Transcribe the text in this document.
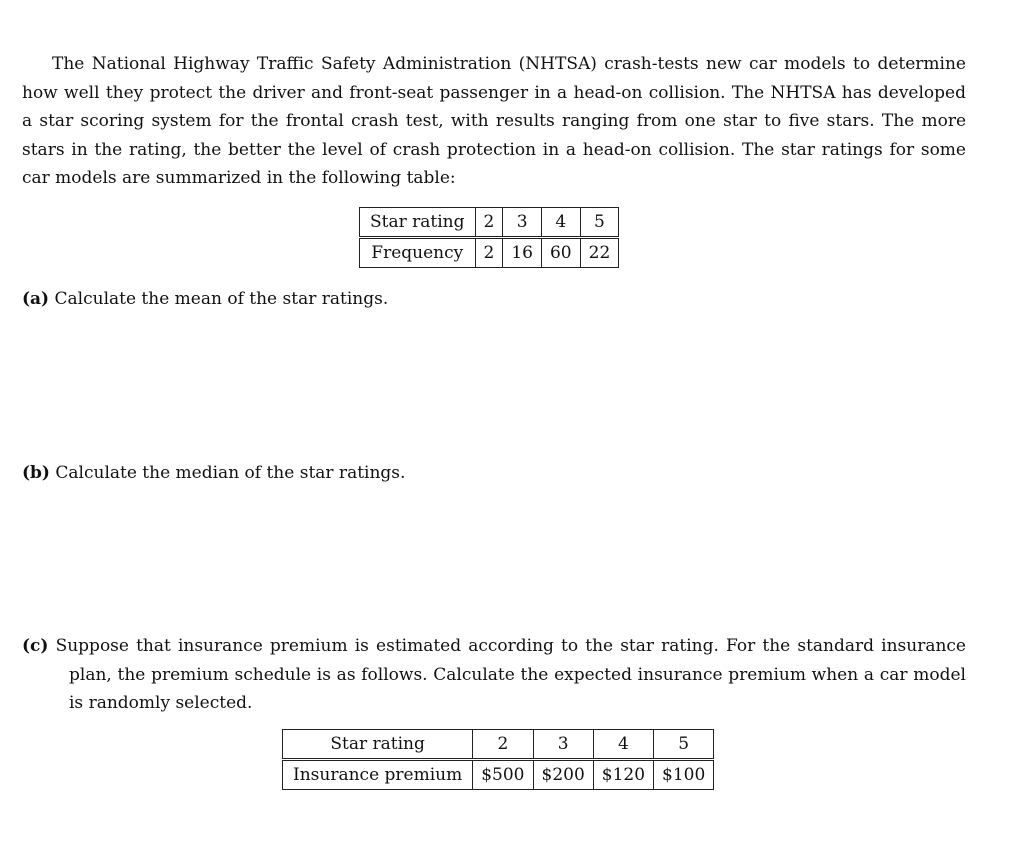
The National Highway Traffic Safety Administration (NHTSA) crash-tests new car models to determine how well they protect the driver and front-seat passenger in a head-on collision. The NHTSA has developed a star scoring system for the frontal crash test, with results ranging from one star to five stars. The more stars in the rating, the better the level of crash protection in a head-on collision. The star ratings for some car models are summarized in the following table:

Star rating	2	3	4	5
Frequency	2	16	60	22

(a) Calculate the mean of the star ratings.

(b) Calculate the median of the star ratings.

(c) Suppose that insurance premium is estimated according to the star rating. For the standard insurance plan, the premium schedule is as follows. Calculate the expected insurance premium when a car model is randomly selected.

Star rating	2	3	4	5
Insurance premium	$500	$200	$120	$100
